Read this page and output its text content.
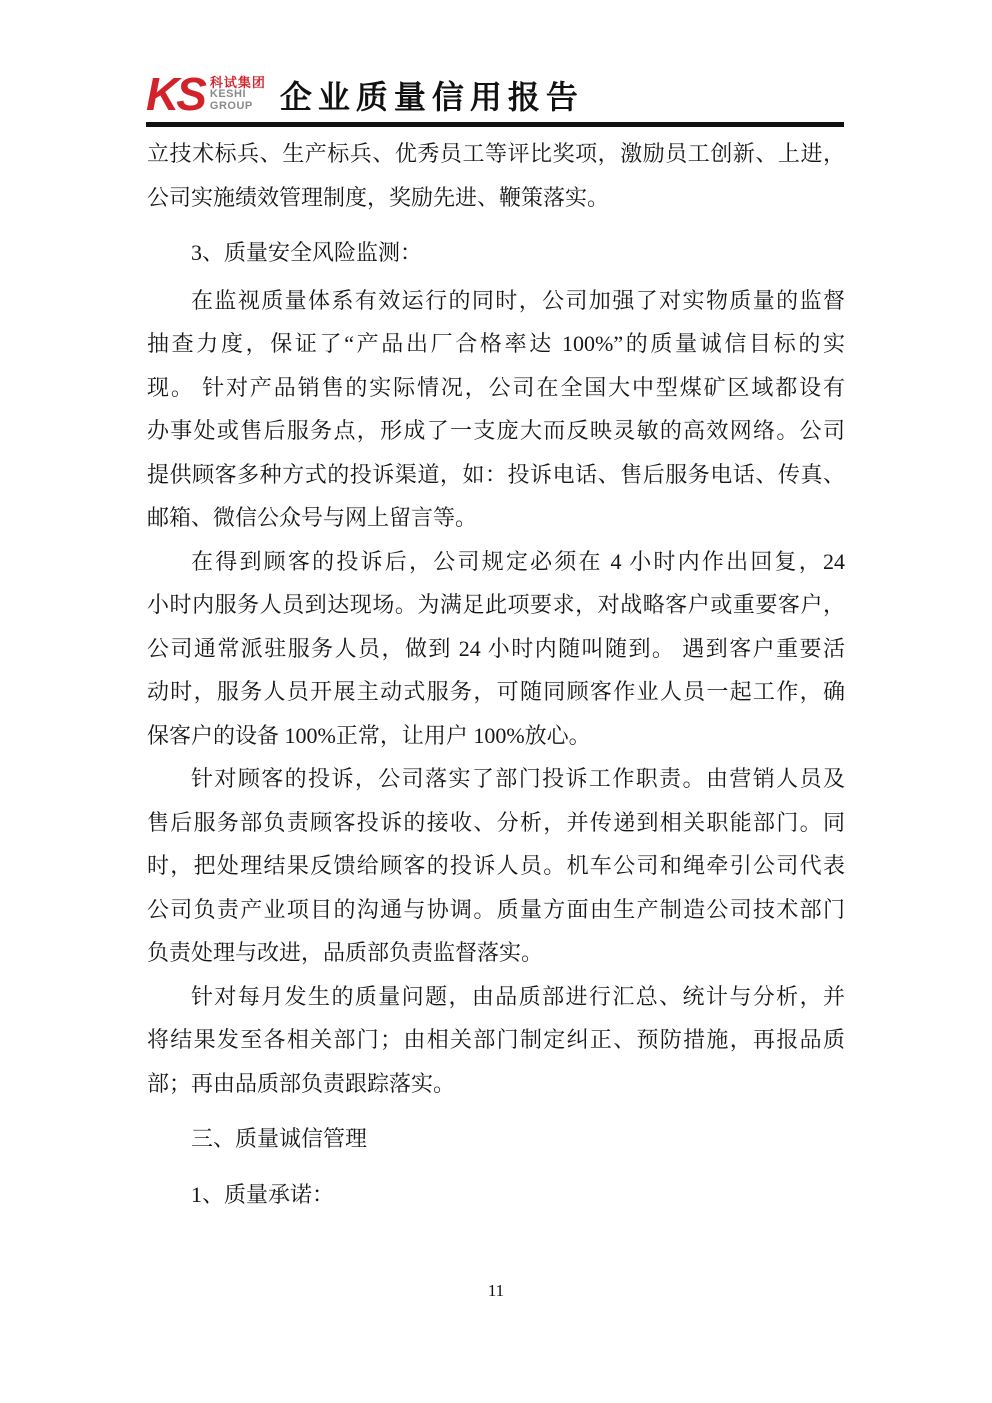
KS 科试集团
KESHI
GROUP 企业质量信用报告
立技术标兵、生产标兵、优秀员工等评比奖项，激励员工创新、上进，
公司实施绩效管理制度，奖励先进、鞭策落实。
3、质量安全风险监测：
在监视质量体系有效运行的同时，公司加强了对实物质量的监督
抽查力度，保证了“产品出厂合格率达 100%”的质量诚信目标的实
现。 针对产品销售的实际情况，公司在全国大中型煤矿区域都设有
办事处或售后服务点，形成了一支庞大而反映灵敏的高效网络。公司
提供顾客多种方式的投诉渠道，如：投诉电话、售后服务电话、传真、
邮箱、微信公众号与网上留言等。
在得到顾客的投诉后，公司规定必须在 4 小时内作出回复，24
小时内服务人员到达现场。为满足此项要求，对战略客户或重要客户，
公司通常派驻服务人员，做到 24 小时内随叫随到。 遇到客户重要活
动时，服务人员开展主动式服务，可随同顾客作业人员一起工作，确
保客户的设备 100%正常，让用户 100%放心。
针对顾客的投诉，公司落实了部门投诉工作职责。由营销人员及
售后服务部负责顾客投诉的接收、分析，并传递到相关职能部门。同
时，把处理结果反馈给顾客的投诉人员。机车公司和绳牵引公司代表
公司负责产业项目的沟通与协调。质量方面由生产制造公司技术部门
负责处理与改进，品质部负责监督落实。
针对每月发生的质量问题，由品质部进行汇总、统计与分析，并
将结果发至各相关部门；由相关部门制定纠正、预防措施，再报品质
部；再由品质部负责跟踪落实。
三、质量诚信管理
1、质量承诺：
11
